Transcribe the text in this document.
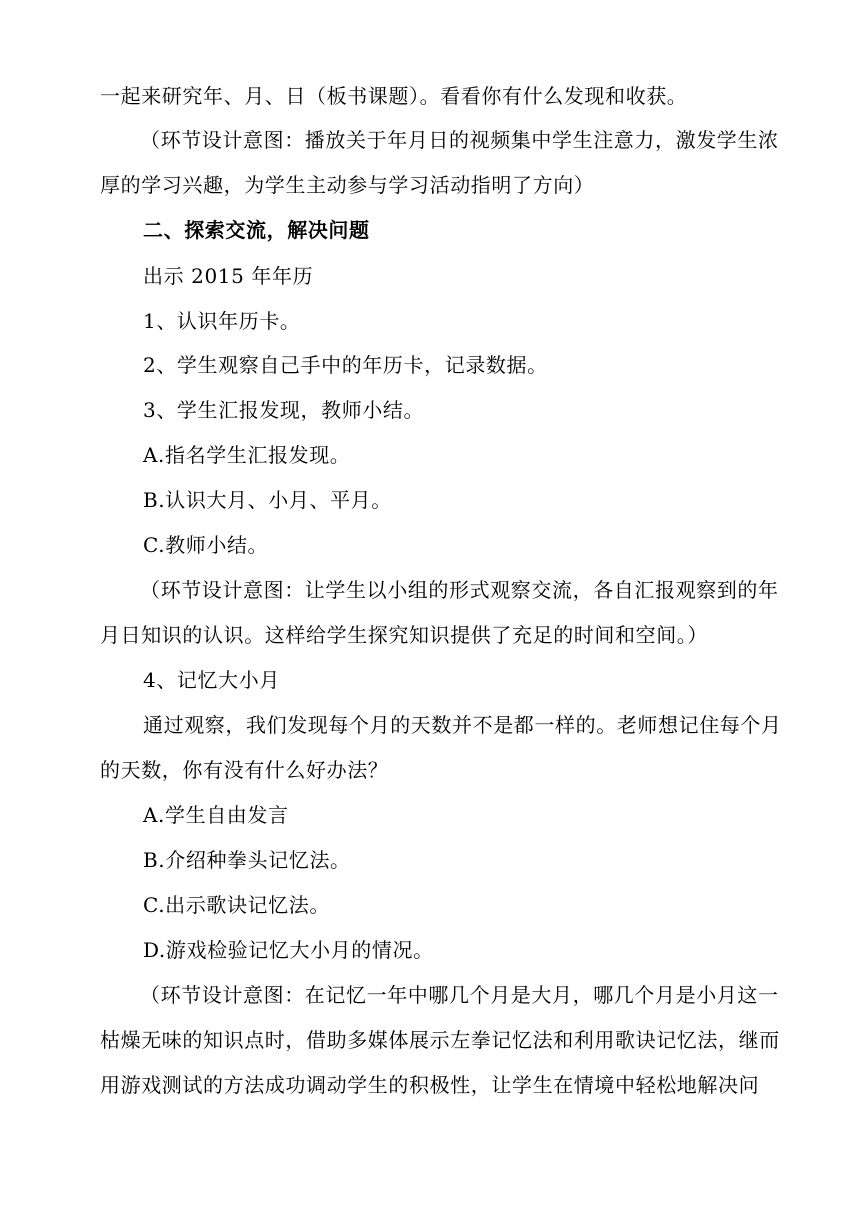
一起来研究年、月、日（板书课题）。看看你有什么发现和收获。
（环节设计意图：播放关于年月日的视频集中学生注意力，激发学生浓
厚的学习兴趣，为学生主动参与学习活动指明了方向）
二、探索交流，解决问题
出示 2015 年年历
1、认识年历卡。
2、学生观察自己手中的年历卡，记录数据。
3、学生汇报发现，教师小结。
A.指名学生汇报发现。
B.认识大月、小月、平月。
C.教师小结。
（环节设计意图：让学生以小组的形式观察交流，各自汇报观察到的年
月日知识的认识。这样给学生探究知识提供了充足的时间和空间。）
4、记忆大小月
通过观察，我们发现每个月的天数并不是都一样的。老师想记住每个月
的天数，你有没有什么好办法？
A.学生自由发言
B.介绍种拳头记忆法。
C.出示歌诀记忆法。
D.游戏检验记忆大小月的情况。
（环节设计意图：在记忆一年中哪几个月是大月，哪几个月是小月这一
枯燥无味的知识点时，借助多媒体展示左拳记忆法和利用歌诀记忆法，继而
用游戏测试的方法成功调动学生的积极性，让学生在情境中轻松地解决问
